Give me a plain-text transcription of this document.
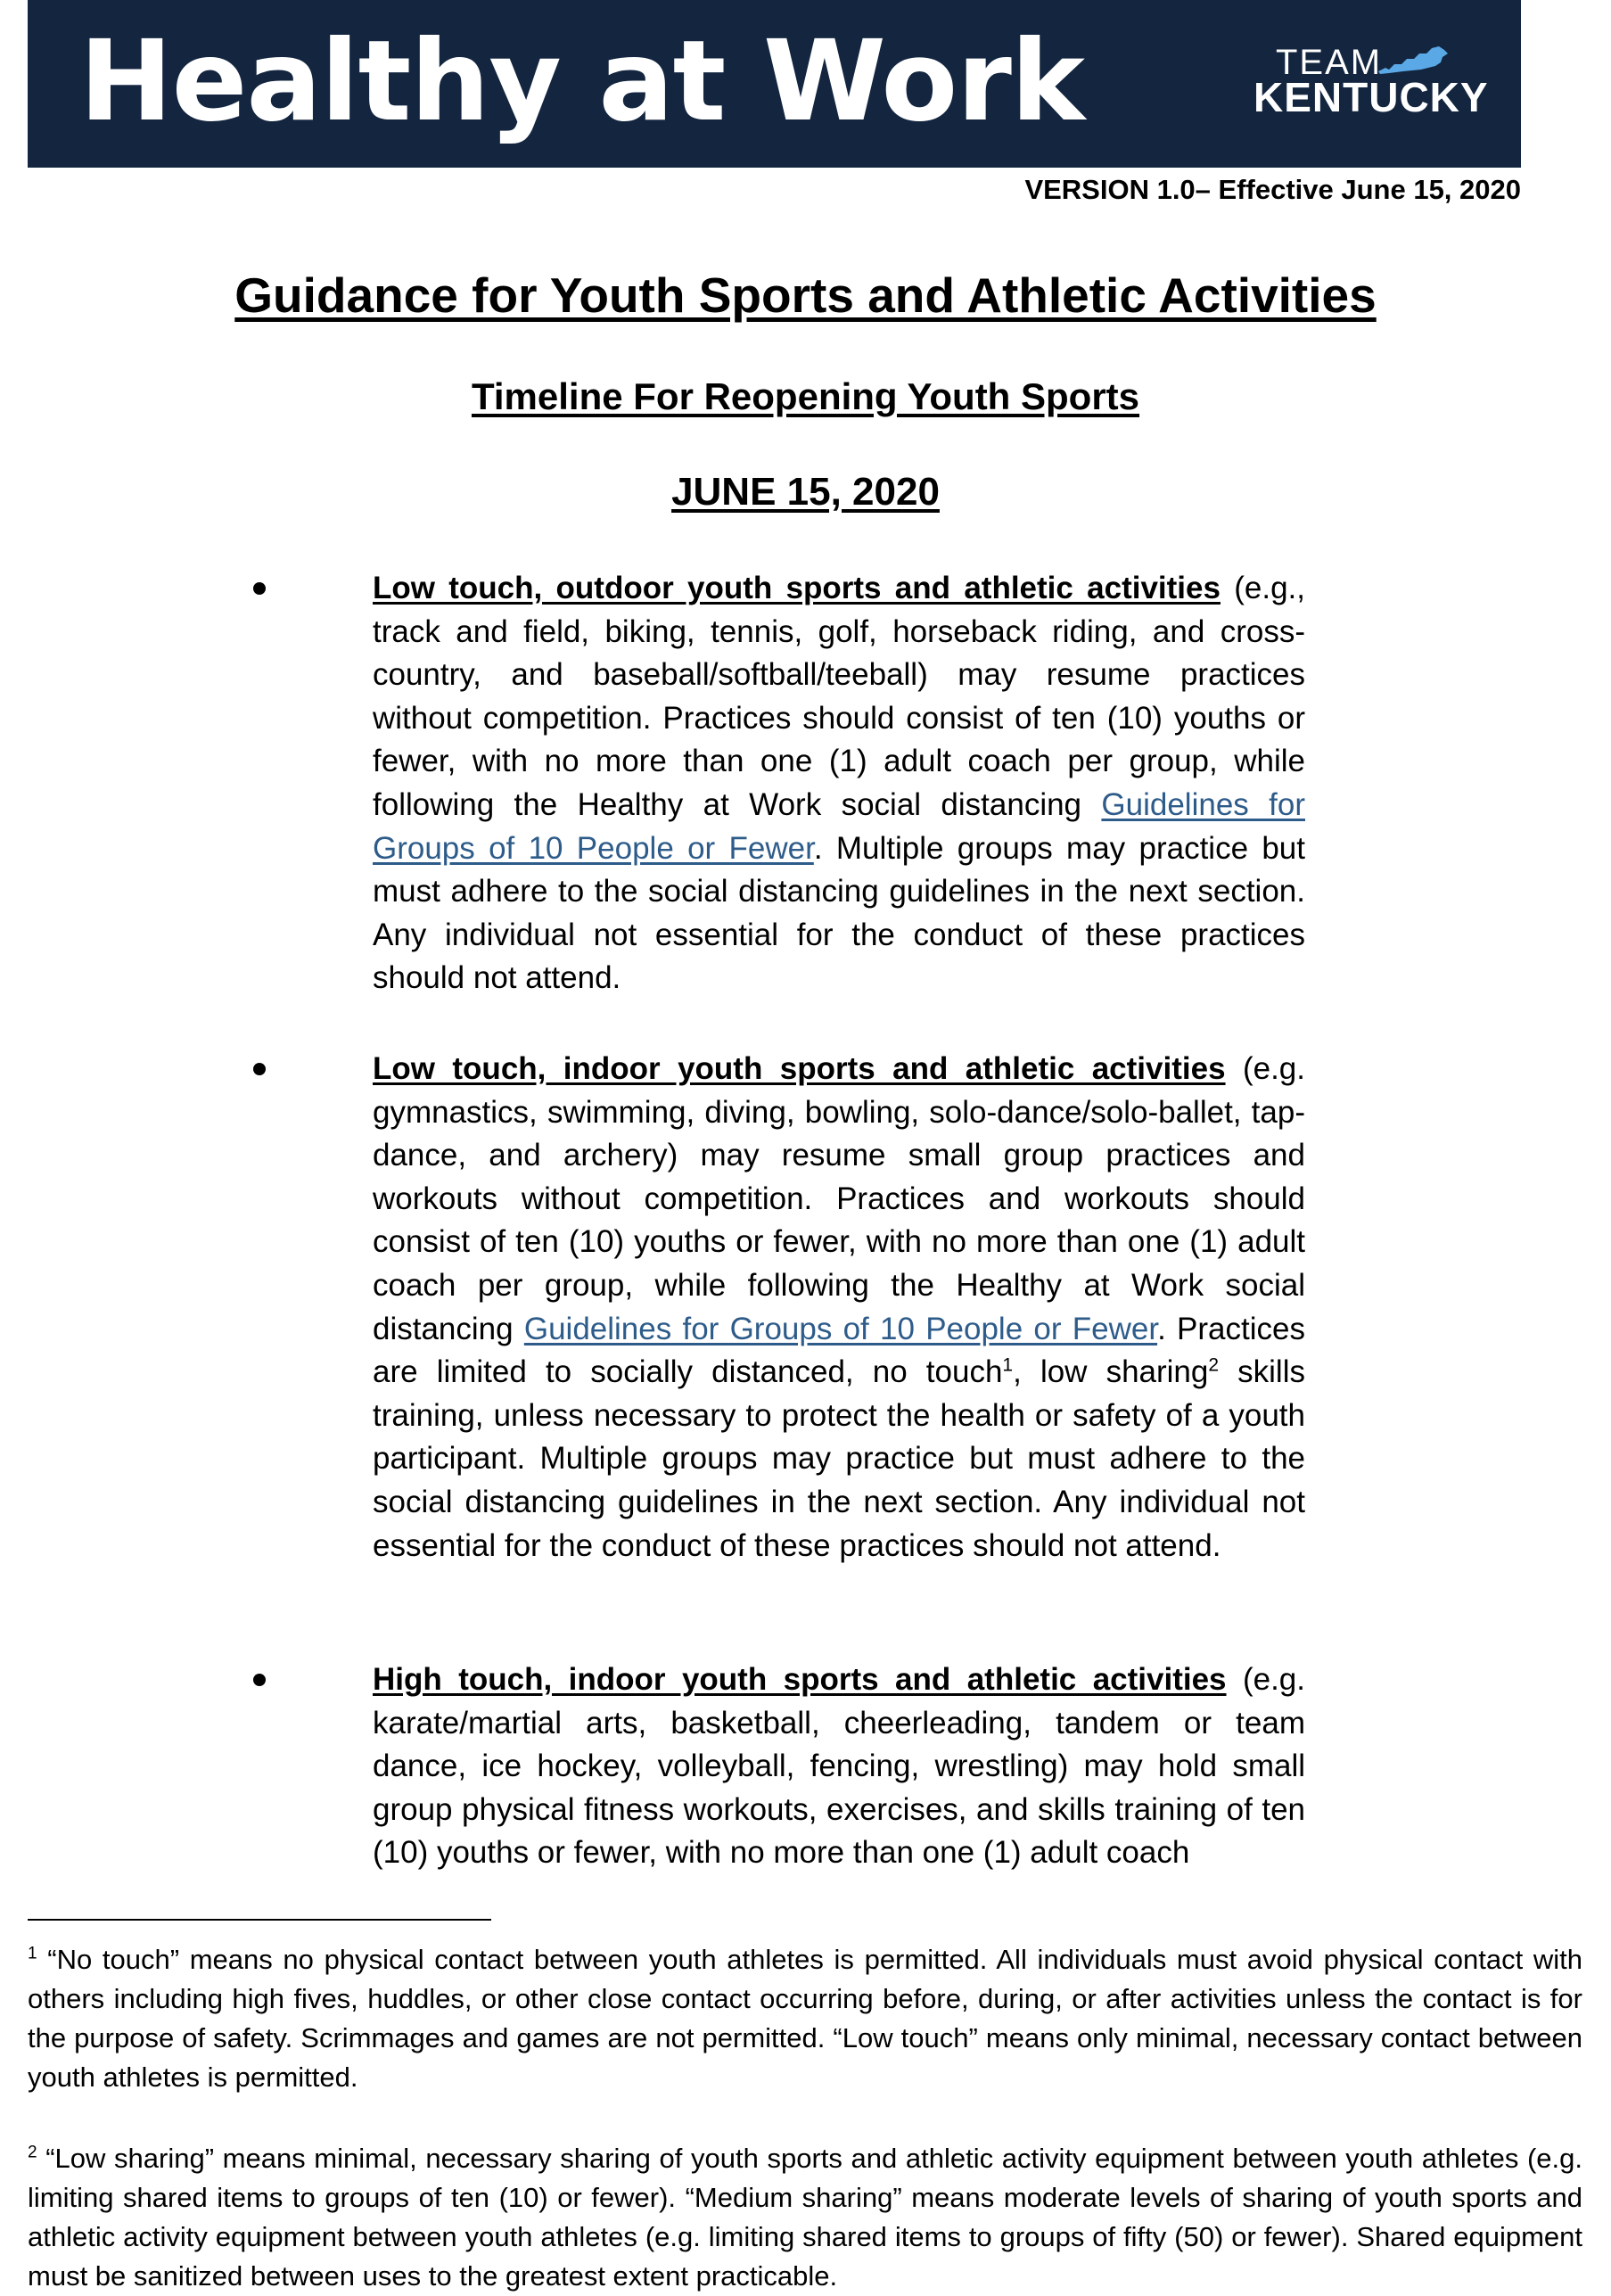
Healthy at Work	TEAM
KENTUCKY
VERSION 1.0– Effective June 15, 2020
Guidance for Youth Sports and Athletic Activities
Timeline For Reopening Youth Sports
JUNE 15, 2020
Low touch, outdoor youth sports and athletic activities (e.g., track and field, biking, tennis, golf, horseback riding, and cross-country, and baseball/softball/teeball) may resume practices without competition. Practices should consist of ten (10) youths or fewer, with no more than one (1) adult coach per group, while following the Healthy at Work social distancing Guidelines for Groups of 10 People or Fewer. Multiple groups may practice but must adhere to the social distancing guidelines in the next section. Any individual not essential for the conduct of these practices should not attend.
Low touch, indoor youth sports and athletic activities (e.g. gymnastics, swimming, diving, bowling, solo-dance/solo-ballet, tap-dance, and archery) may resume small group practices and workouts without competition. Practices and workouts should consist of ten (10) youths or fewer, with no more than one (1) adult coach per group, while following the Healthy at Work social distancing Guidelines for Groups of 10 People or Fewer. Practices are limited to socially distanced, no touch$^1$, low sharing$^2$ skills training, unless necessary to protect the health or safety of a youth participant. Multiple groups may practice but must adhere to the social distancing guidelines in the next section. Any individual not essential for the conduct of these practices should not attend.
High touch, indoor youth sports and athletic activities (e.g. karate/martial arts, basketball, cheerleading, tandem or team dance, ice hockey, volleyball, fencing, wrestling) may hold small group physical fitness workouts, exercises, and skills training of ten (10) youths or fewer, with no more than one (1) adult coach
$^1$ “No touch” means no physical contact between youth athletes is permitted. All individuals must avoid physical contact with others including high fives, huddles, or other close contact occurring before, during, or after activities unless the contact is for the purpose of safety. Scrimmages and games are not permitted. “Low touch” means only minimal, necessary contact between youth athletes is permitted.
$^2$ “Low sharing” means minimal, necessary sharing of youth sports and athletic activity equipment between youth athletes (e.g. limiting shared items to groups of ten (10) or fewer). “Medium sharing” means moderate levels of sharing of youth sports and athletic activity equipment between youth athletes (e.g. limiting shared items to groups of fifty (50) or fewer). Shared equipment must be sanitized between uses to the greatest extent practicable.
